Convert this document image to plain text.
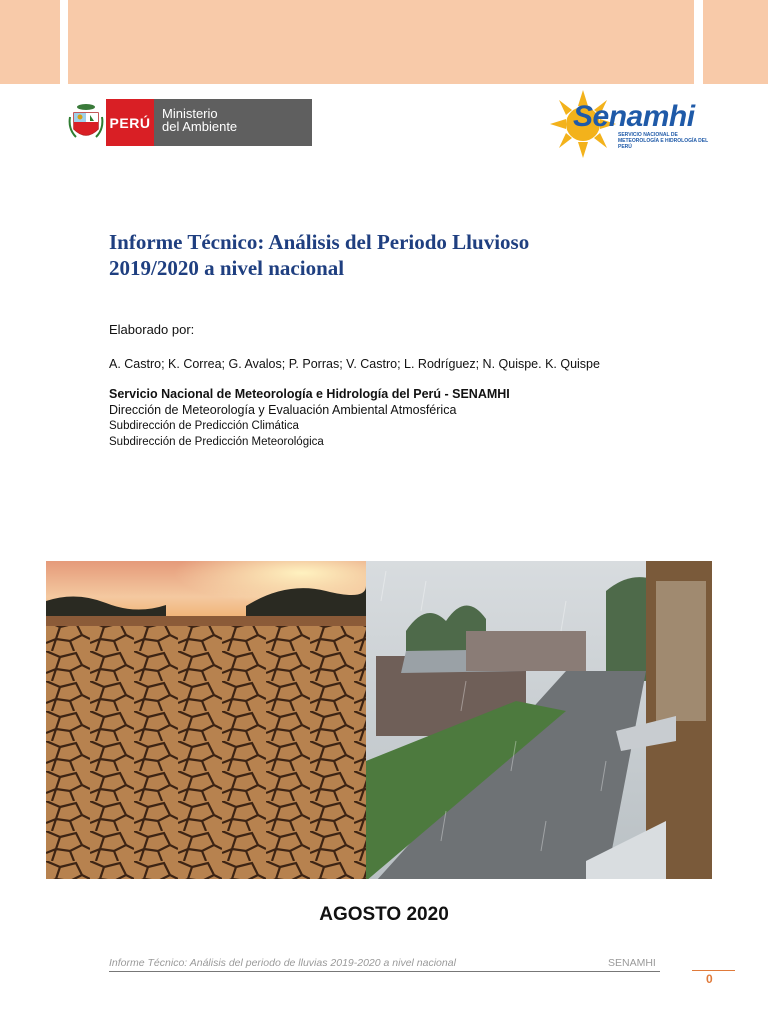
PERÚ
Ministerio
del Ambiente	Senamhi
SERVICIO NACIONAL DE METEOROLOGÍA E HIDROLOGÍA DEL PERÚ
Informe Técnico: Análisis del Periodo Lluvioso
2019/2020 a nivel nacional
Elaborado por:
A. Castro; K. Correa; G. Avalos; P. Porras; V. Castro; L. Rodríguez; N. Quispe. K. Quispe
Servicio Nacional de Meteorología e Hidrología del Perú - SENAMHI
Dirección de Meteorología y Evaluación Ambiental Atmosférica
Subdirección de Predicción Climática
Subdirección de Predicción Meteorológica
AGOSTO 2020
Informe Técnico: Análisis del periodo de lluvias 2019-2020 a nivel nacional	SENAMHI
0
